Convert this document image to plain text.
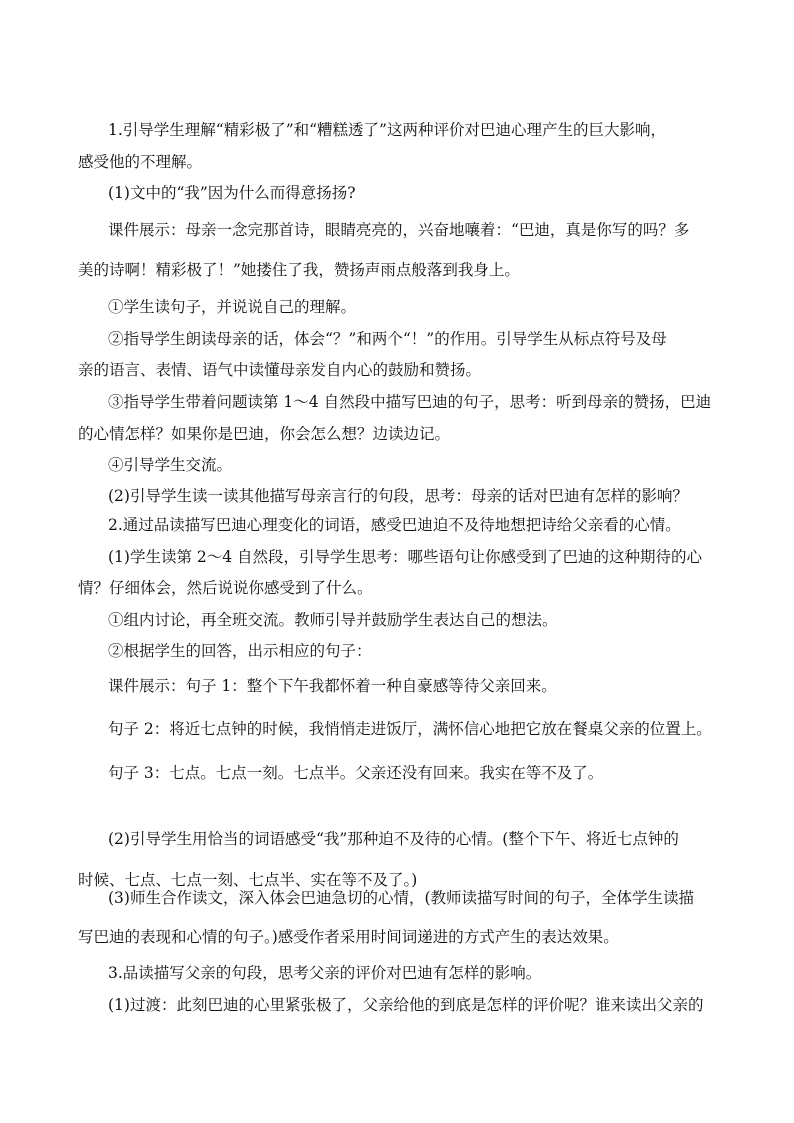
1.引导学生理解“精彩极了”和“糟糕透了”这两种评价对巴迪心理产生的巨大影响，
感受他的不理解。
(1)文中的“我”因为什么而得意扬扬?
课件展示：母亲一念完那首诗，眼睛亮亮的，兴奋地嚷着：“巴迪，真是你写的吗？多
美的诗啊！精彩极了！”她搂住了我，赞扬声雨点般落到我身上。
①学生读句子，并说说自己的理解。
②指导学生朗读母亲的话，体会“？”和两个“！”的作用。引导学生从标点符号及母
亲的语言、表情、语气中读懂母亲发自内心的鼓励和赞扬。
③指导学生带着问题读第 1～4 自然段中描写巴迪的句子，思考：听到母亲的赞扬，巴迪
的心情怎样？如果你是巴迪，你会怎么想？边读边记。
④引导学生交流。
(2)引导学生读一读其他描写母亲言行的句段，思考：母亲的话对巴迪有怎样的影响？
2.通过品读描写巴迪心理变化的词语，感受巴迪迫不及待地想把诗给父亲看的心情。
(1)学生读第 2～4 自然段，引导学生思考：哪些语句让你感受到了巴迪的这种期待的心
情？仔细体会，然后说说你感受到了什么。
①组内讨论，再全班交流。教师引导并鼓励学生表达自己的想法。
②根据学生的回答，出示相应的句子：
课件展示：句子 1：整个下午我都怀着一种自豪感等待父亲回来。
句子 2：将近七点钟的时候，我悄悄走进饭厅，满怀信心地把它放在餐桌父亲的位置上。
句子 3：七点。七点一刻。七点半。父亲还没有回来。我实在等不及了。
(2)引导学生用恰当的词语感受“我”那种迫不及待的心情。(整个下午、将近七点钟的
时候、七点、七点一刻、七点半、实在等不及了。)
(3)师生合作读文，深入体会巴迪急切的心情，(教师读描写时间的句子，全体学生读描
写巴迪的表现和心情的句子。)感受作者采用时间词递进的方式产生的表达效果。
3.品读描写父亲的句段，思考父亲的评价对巴迪有怎样的影响。
(1)过渡：此刻巴迪的心里紧张极了，父亲给他的到底是怎样的评价呢？谁来读出父亲的
